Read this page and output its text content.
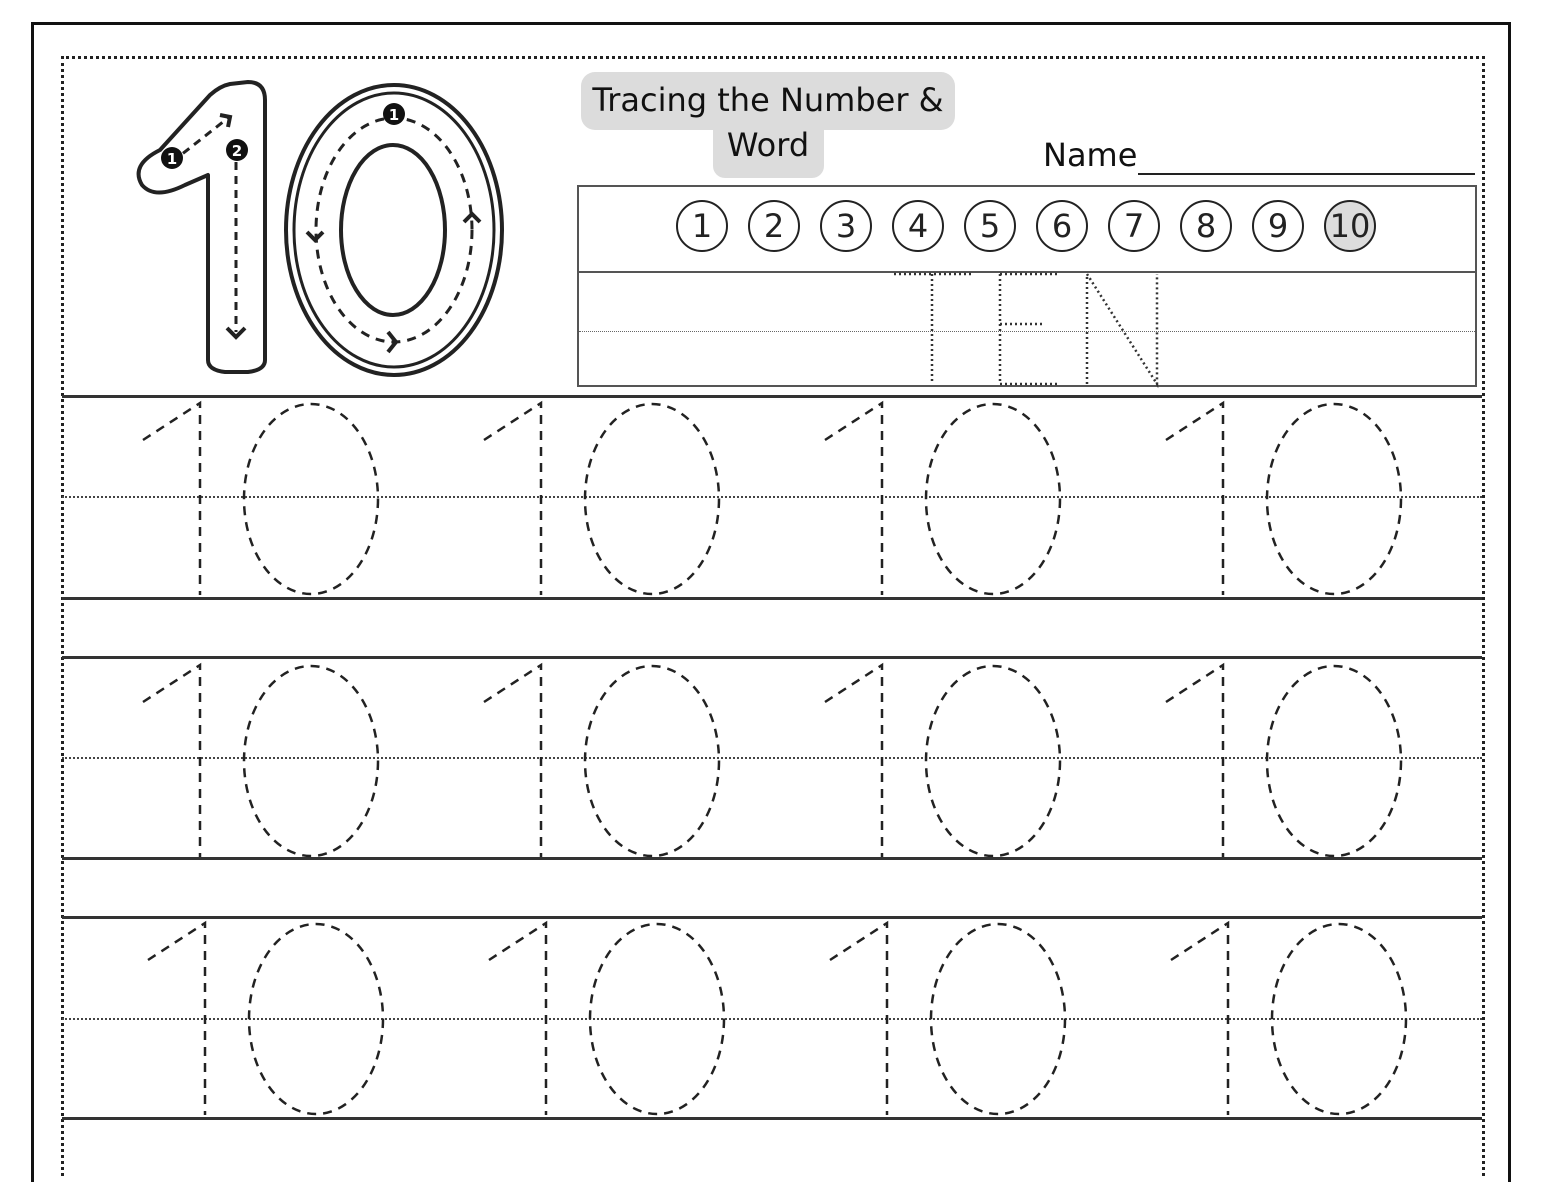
1	2
1	Tracing the Number & Word	Name
1	2	3	4	5	6	7	8	9	10
